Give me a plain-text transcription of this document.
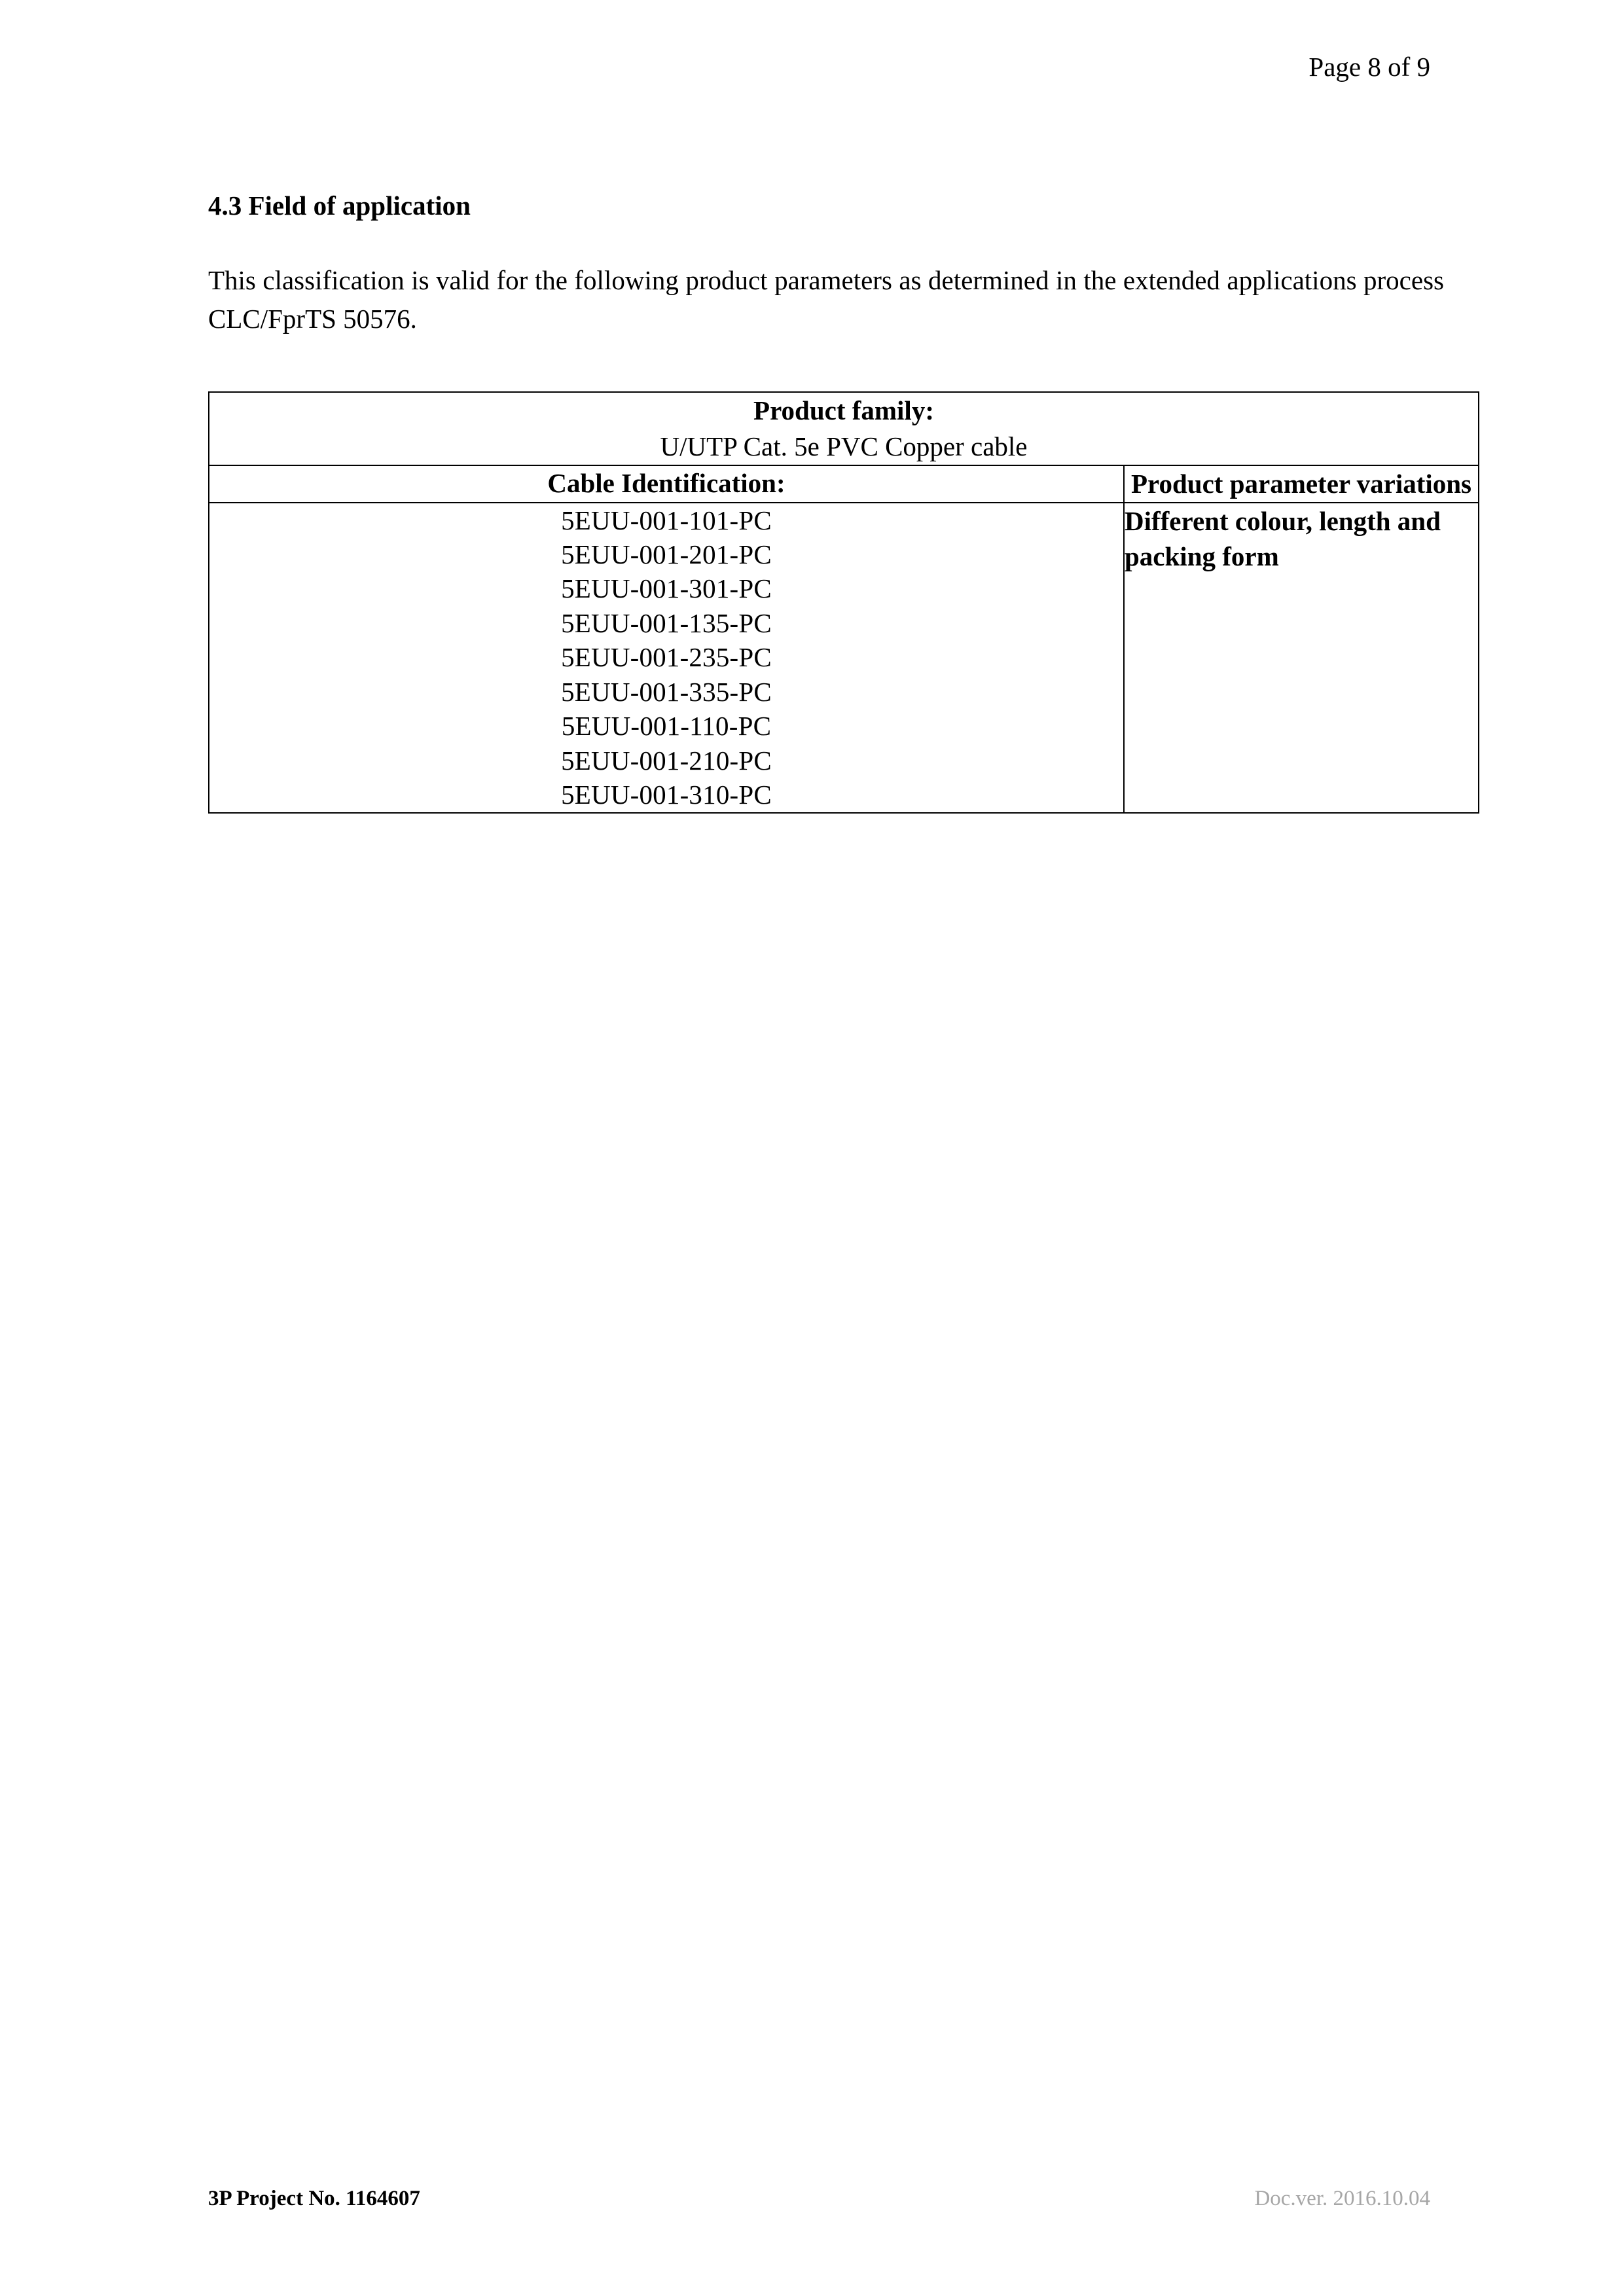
Page 8 of 9
4.3 Field of application

This classification is valid for the following product parameters as determined in the extended applications process CLC/FprTS 50576.

Product family:
U/UTP Cat. 5e PVC Copper cable	

Cable Identification:	Product parameter variations

5EUU-001-101-PC
5EUU-001-201-PC
5EUU-001-301-PC
5EUU-001-135-PC
5EUU-001-235-PC
5EUU-001-335-PC
5EUU-001-110-PC
5EUU-001-210-PC
5EUU-001-310-PC

Different colour, length and packing form
3P Project No. 1164607	Doc.ver. 2016.10.04
